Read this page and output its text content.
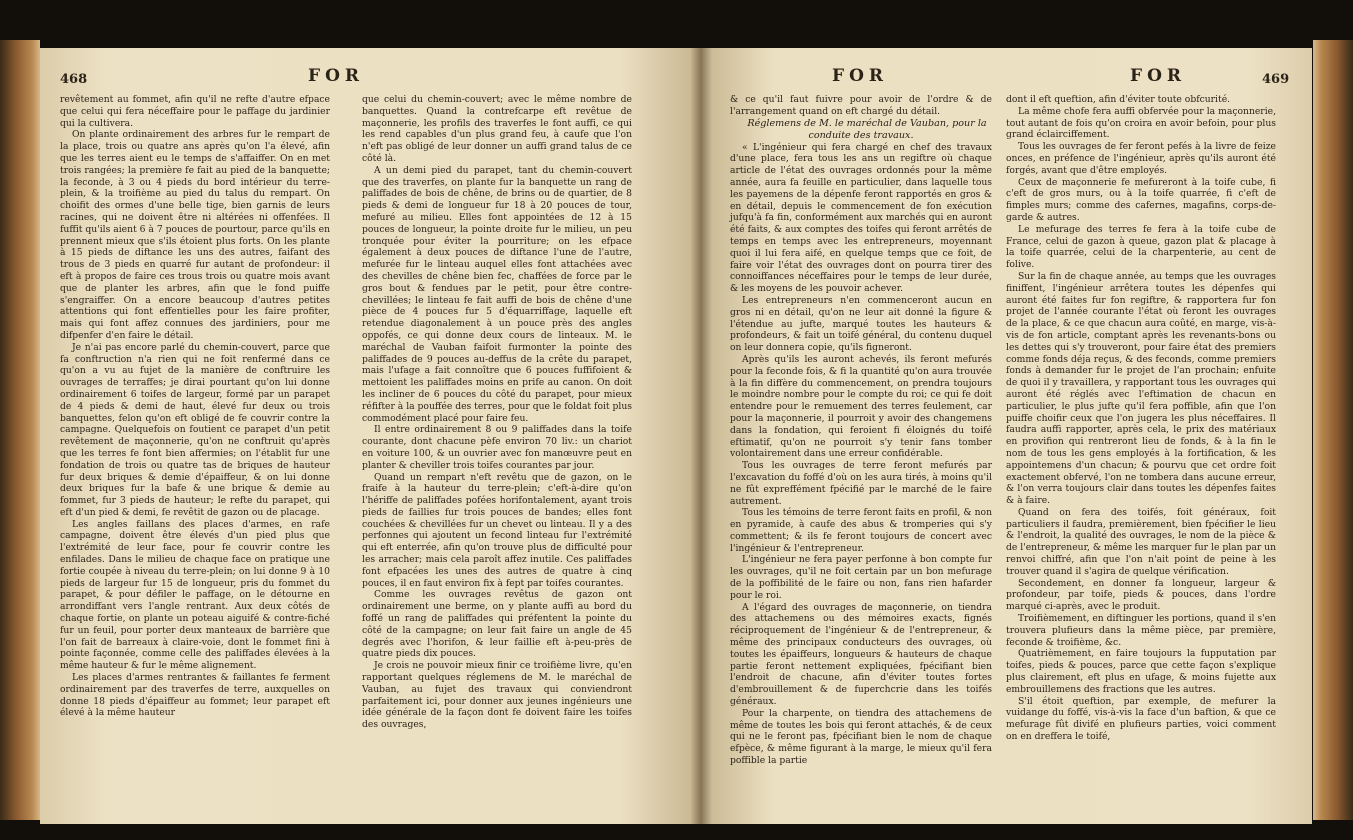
468	FOR

revêtement au fommet, afin qu'il ne refte d'autre efpace que celui qui fera néceffaire pour le paffage du jardinier qui la cultivera.

On plante ordinairement des arbres fur le rempart de la place, trois ou quatre ans après qu'on l'a élevé, afin que les terres aient eu le temps de s'affaiffer. On en met trois rangées; la première fe fait au pied de la banquette; la feconde, à 3 ou 4 pieds du bord intérieur du terre-plein, & la troifième au pied du talus du rempart. On choifit des ormes d'une belle tige, bien garnis de leurs racines, qui ne doivent être ni altérées ni offenfées. Il fuffit qu'ils aient 6 à 7 pouces de pourtour, parce qu'ils en prennent mieux que s'ils étoient plus forts. On les plante à 15 pieds de diftance les uns des autres, faifant des trous de 3 pieds en quarré fur autant de profondeur: il eft à propos de faire ces trous trois ou quatre mois avant que de planter les arbres, afin que le fond puiffe s'engraiffer. On a encore beaucoup d'autres petites attentions qui font effentielles pour les faire profiter, mais qui font affez connues des jardiniers, pour me difpenfer d'en faire le détail.

Je n'ai pas encore parlé du chemin-couvert, parce que fa conftruction n'a rien qui ne foit renfermé dans ce qu'on a vu au fujet de la manière de conftruire les ouvrages de terraffes; je dirai pourtant qu'on lui donne ordinairement 6 toifes de largeur, formé par un parapet de 4 pieds & demi de haut, élevé fur deux ou trois banquettes, felon qu'on eft obligé de fe couvrir contre la campagne. Quelquefois on foutient ce parapet d'un petit revêtement de maçonnerie, qu'on ne conftruit qu'après que les terres fe font bien affermies; on l'établit fur une fondation de trois ou quatre tas de briques de hauteur fur deux briques & demie d'épaiffeur, & on lui donne deux briques fur la bafe & une brique & demie au fommet, fur 3 pieds de hauteur; le refte du parapet, qui eft d'un pied & demi, fe revêtit de gazon ou de placage.

Les angles faillans des places d'armes, en rafe campagne, doivent être élevés d'un pied plus que l'extrémité de leur face, pour fe couvrir contre les enfilades. Dans le milieu de chaque face on pratique une fortie coupée à niveau du terre-plein; on lui donne 9 à 10 pieds de largeur fur 15 de longueur, pris du fommet du parapet, & pour défiler le paffage, on le détourne en arrondiffant vers l'angle rentrant. Aux deux côtés de chaque fortie, on plante un poteau aiguifé & contre-fiché fur un feuil, pour porter deux manteaux de barrière que l'on fait de barreaux à claire-voie, dont le fommet fini à pointe façonnée, comme celle des paliffades élevées à la même hauteur & fur le même alignement.

Les places d'armes rentrantes & faillantes fe ferment ordinairement par des traverfes de terre, auxquelles on donne 18 pieds d'épaiffeur au fommet; leur parapet eft élevé à la même hauteur

que celui du chemin-couvert; avec le même nombre de banquettes. Quand la contrefcarpe eft revêtue de maçonnerie, les profils des traverfes le font auffi, ce qui les rend capables d'un plus grand feu, à caufe que l'on n'eft pas obligé de leur donner un auffi grand talus de ce côté là.

A un demi pied du parapet, tant du chemin-couvert que des traverfes, on plante fur la banquette un rang de paliffades de bois de chêne, de brins ou de quartier, de 8 pieds & demi de longueur fur 18 à 20 pouces de tour, mefuré au milieu. Elles font appointées de 12 à 15 pouces de longueur, la pointe droite fur le milieu, un peu tronquée pour éviter la pourriture; on les efpace également à deux pouces de diftance l'une de l'autre, mefurée fur le linteau auquel elles font attachées avec des chevilles de chêne bien fec, chaffées de force par le gros bout & fendues par le petit, pour être contre-chevillées; le linteau fe fait auffi de bois de chêne d'une pièce de 4 pouces fur 5 d'équarriffage, laquelle eft retendue diagonalement à un pouce près des angles oppofés, ce qui donne deux cours de linteaux. M. le maréchal de Vauban faifoit furmonter la pointe des paliffades de 9 pouces au-deffus de la crête du parapet, mais l'ufage a fait connoître que 6 pouces fuffifoient & mettoient les paliffades moins en prife au canon. On doit les incliner de 6 pouces du côté du parapet, pour mieux réfifter à la pouffée des terres, pour que le foldat foit plus commodément placé pour faire feu.

Il entre ordinairement 8 ou 9 paliffades dans la toife courante, dont chacune pèfe environ 70 liv.: un chariot en voiture 100, & un ouvrier avec fon manœuvre peut en planter & cheviller trois toifes courantes par jour.

Quand un rempart n'eft revêtu que de gazon, on le fraife à la hauteur du terre-plein; c'eft-à-dire qu'on l'hériffe de paliffades pofées horifontalement, ayant trois pieds de faillies fur trois pouces de bandes; elles font couchées & chevillées fur un chevet ou linteau. Il y a des perfonnes qui ajoutent un fecond linteau fur l'extrémité qui eft enterrée, afin qu'on trouve plus de difficulté pour les arracher; mais cela paroît affez inutile. Ces paliffades font efpacées les unes des autres de quatre à cinq pouces, il en faut environ fix à fept par toifes courantes.

Comme les ouvrages revêtus de gazon ont ordinairement une berme, on y plante auffi au bord du foffé un rang de paliffades qui préfentent la pointe du côté de la campagne; on leur fait faire un angle de 45 degrés avec l'horifon, & leur faillie eft à-peu-près de quatre pieds dix pouces.

Je crois ne pouvoir mieux finir ce troifième livre, qu'en rapportant quelques réglemens de M. le maréchal de Vauban, au fujet des travaux qui conviendront parfaitement ici, pour donner aux jeunes ingénieurs une idée générale de la façon dont fe doivent faire les toifes des ouvrages,

FOR	FOR	469

& ce qu'il faut fuivre pour avoir de l'ordre & de l'arrangement quand on eft chargé du détail.

Réglemens de M. le maréchal de Vauban, pour la conduite des travaux.

« L'ingénieur qui fera chargé en chef des travaux d'une place, fera tous les ans un regiftre où chaque article de l'état des ouvrages ordonnés pour la même année, aura fa feuille en particulier, dans laquelle tous les payemens de la dépenfe feront rapportés en gros & en détail, depuis le commencement de fon exécution jufqu'à fa fin, conformément aux marchés qui en auront été faits, & aux comptes des toifes qui feront arrêtés de temps en temps avec les entrepreneurs, moyennant quoi il lui fera aifé, en quelque temps que ce foit, de faire voir l'état des ouvrages dont on pourra tirer des connoiffances néceffaires pour le temps de leur durée, & les moyens de les pouvoir achever.

Les entrepreneurs n'en commenceront aucun en gros ni en détail, qu'on ne leur ait donné la figure & l'étendue au jufte, marqué toutes les hauteurs & profondeurs, & fait un toifé général, du contenu duquel on leur donnera copie, qu'ils figneront.

Après qu'ils les auront achevés, ils feront mefurés pour la feconde fois, & fi la quantité qu'on aura trouvée à la fin diffère du commencement, on prendra toujours le moindre nombre pour le compte du roi; ce qui fe doit entendre pour le remuement des terres feulement, car pour la maçonnerie, il pourroit y avoir des changemens dans la fondation, qui feroient fi éloignés du toifé eftimatif, qu'on ne pourroit s'y tenir fans tomber volontairement dans une erreur confidérable.

Tous les ouvrages de terre feront mefurés par l'excavation du foffé d'où on les aura tirés, à moins qu'il ne fût expreffément fpécifié par le marché de le faire autrement.

Tous les témoins de terre feront faits en profil, & non en pyramide, à caufe des abus & tromperies qui s'y commettent; & ils fe feront toujours de concert avec l'ingénieur & l'entrepreneur.

L'ingénieur ne fera payer perfonne à bon compte fur les ouvrages, qu'il ne foit certain par un bon mefurage de la poffibilité de le faire ou non, fans rien hafarder pour le roi.

A l'égard des ouvrages de maçonnerie, on tiendra des attachemens ou des mémoires exacts, fignés réciproquement de l'ingénieur & de l'entrepreneur, & même des principaux conducteurs des ouvrages, où toutes les épaiffeurs, longueurs & hauteurs de chaque partie feront nettement expliquées, fpécifiant bien l'endroit de chacune, afin d'éviter toutes fortes d'embrouillement & de fuperchcrie dans les toifés généraux.

Pour la charpente, on tiendra des attachemens de même de toutes les bois qui feront attachés, & de ceux qui ne le feront pas, fpécifiant bien le nom de chaque efpèce, & même figurant à la marge, le mieux qu'il fera poffible la partie

dont il eft queftion, afin d'éviter toute obfcurité.

La même chofe fera auffi obfervée pour la maçonnerie, tout autant de fois qu'on croira en avoir befoin, pour plus grand éclairciffement.

Tous les ouvrages de fer feront pefés à la livre de feize onces, en préfence de l'ingénieur, après qu'ils auront été forgés, avant que d'être employés.

Ceux de maçonnerie fe mefureront à la toife cube, fi c'eft de gros murs, ou à la toife quarrée, fi c'eft de fimples murs; comme des cafernes, magafins, corps-de-garde & autres.

Le mefurage des terres fe fera à la toife cube de France, celui de gazon à queue, gazon plat & placage à la toife quarrée, celui de la charpenterie, au cent de folive.

Sur la fin de chaque année, au temps que les ouvrages finiffent, l'ingénieur arrêtera toutes les dépenfes qui auront été faites fur fon regiftre, & rapportera fur fon projet de l'année courante l'état où feront les ouvrages de la place, & ce que chacun aura coûté, en marge, vis-à-vis de fon article, comptant après les revenants-bons ou les dettes qui s'y trouveront, pour faire état des premiers comme fonds déja reçus, & des feconds, comme premiers fonds à demander fur le projet de l'an prochain; enfuite de quoi il y travaillera, y rapportant tous les ouvrages qui auront été réglés avec l'eftimation de chacun en particulier, le plus jufte qu'il fera poffible, afin que l'on puiffe choifir ceux que l'on jugera les plus néceffaires. Il faudra auffi rapporter, après cela, le prix des matériaux en provifion qui rentreront lieu de fonds, & à la fin le nom de tous les gens employés à la fortification, & les appointemens d'un chacun; & pourvu que cet ordre foit exactement obfervé, l'on ne tombera dans aucune erreur, & l'on verra toujours clair dans toutes les dépenfes faites & à faire.

Quand on fera des toifés, foit généraux, foit particuliers il faudra, premièrement, bien fpécifier le lieu & l'endroit, la qualité des ouvrages, le nom de la pièce & de l'entrepreneur, & même les marquer fur le plan par un renvoi chiffré, afin que l'on n'ait point de peine à les trouver quand il s'agira de quelque vérification.

Secondement, en donner fa longueur, largeur & profondeur, par toife, pieds & pouces, dans l'ordre marqué ci-après, avec le produit.

Troifièmement, en diftinguer les portions, quand il s'en trouvera plufieurs dans la même pièce, par première, feconde & troifième, &c.

Quatrièmement, en faire toujours la fupputation par toifes, pieds & pouces, parce que cette façon s'explique plus clairement, eft plus en ufage, & moins fujette aux embrouillemens des fractions que les autres.

S'il étoit queftion, par exemple, de mefurer la vuidange du foffé, vis-à-vis la face d'un baftion, & que ce mefurage fût divifé en plufieurs parties, voici comment on en dreffera le toifé,
